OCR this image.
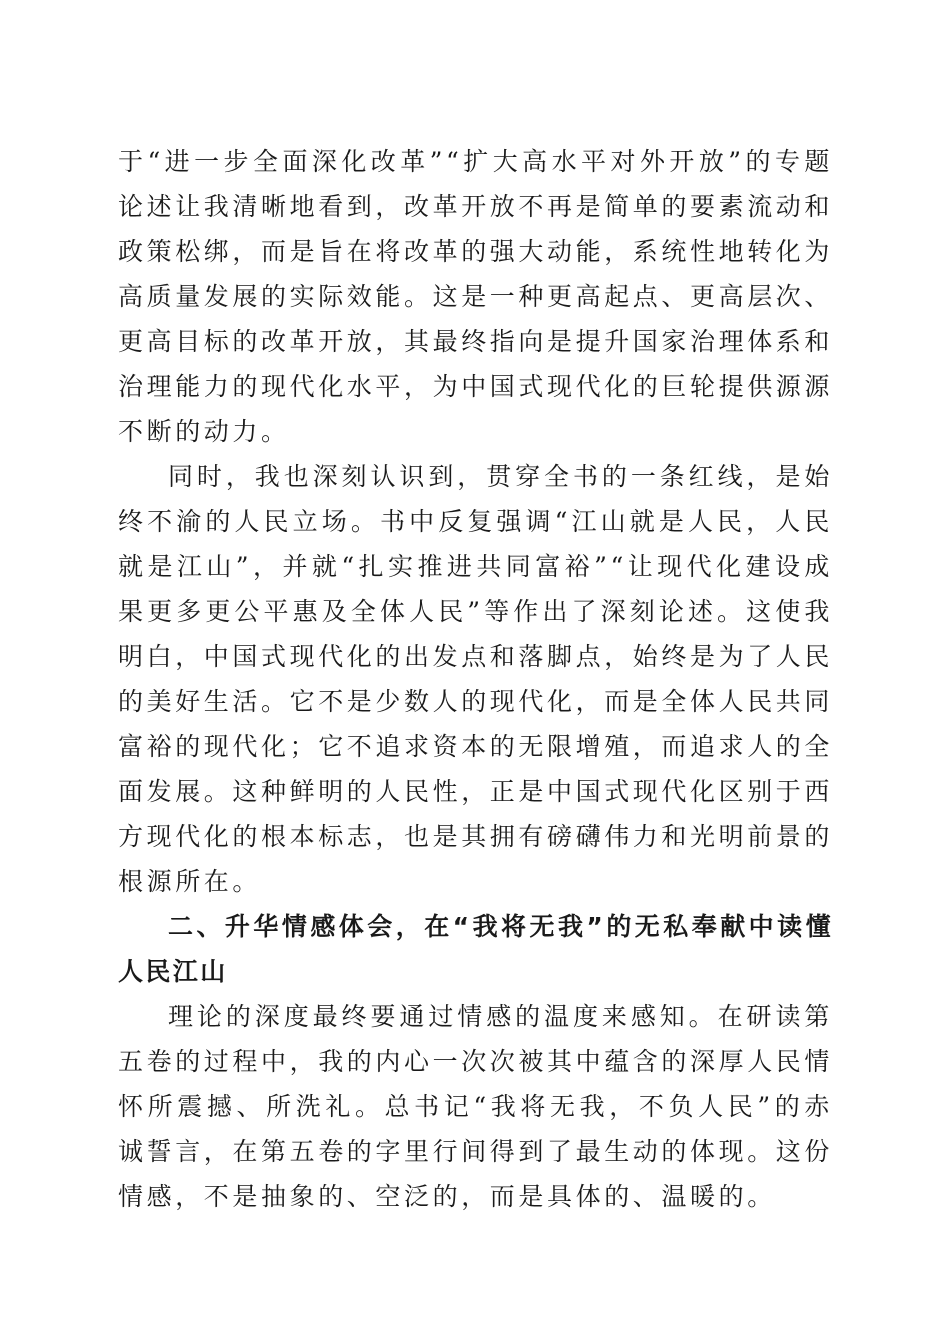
于“进一步全面深化改革”“扩大高水平对外开放”的专题论述让我清晰地看到，改革开放不再是简单的要素流动和政策松绑，而是旨在将改革的强大动能，系统性地转化为高质量发展的实际效能。这是一种更高起点、更高层次、更高目标的改革开放，其最终指向是提升国家治理体系和治理能力的现代化水平，为中国式现代化的巨轮提供源源不断的动力。

同时，我也深刻认识到，贯穿全书的一条红线，是始终不渝的人民立场。书中反复强调“江山就是人民，人民就是江山”，并就“扎实推进共同富裕”“让现代化建设成果更多更公平惠及全体人民”等作出了深刻论述。这使我明白，中国式现代化的出发点和落脚点，始终是为了人民的美好生活。它不是少数人的现代化，而是全体人民共同富裕的现代化；它不追求资本的无限增殖，而追求人的全面发展。这种鲜明的人民性，正是中国式现代化区别于西方现代化的根本标志，也是其拥有磅礴伟力和光明前景的根源所在。

二、升华情感体会，在“我将无我”的无私奉献中读懂人民江山

理论的深度最终要通过情感的温度来感知。在研读第五卷的过程中，我的内心一次次被其中蕴含的深厚人民情怀所震撼、所洗礼。总书记“我将无我，不负人民”的赤诚誓言，在第五卷的字里行间得到了最生动的体现。这份情感，不是抽象的、空泛的，而是具体的、温暖的。
